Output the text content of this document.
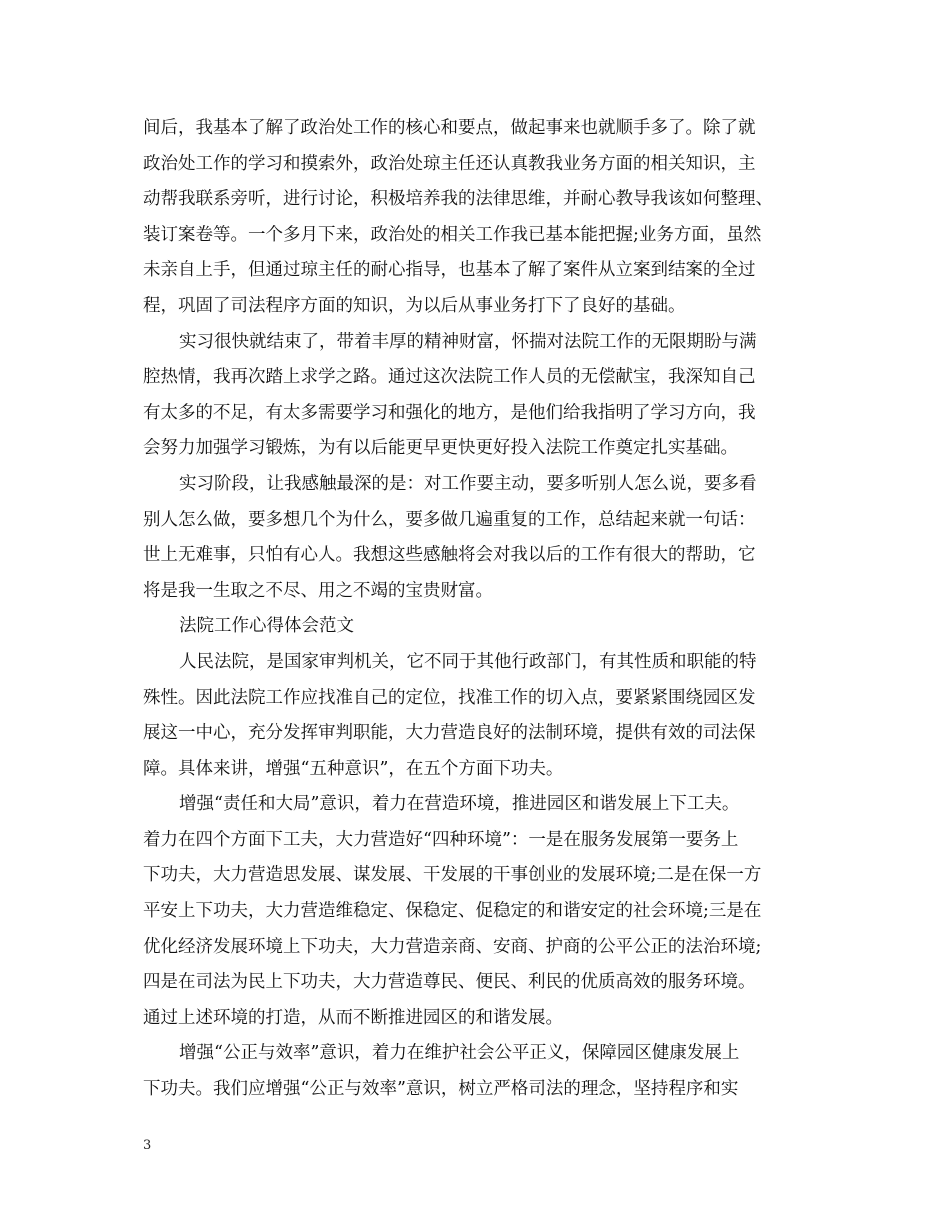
间后，我基本了解了政治处工作的核心和要点，做起事来也就顺手多了。除了就
政治处工作的学习和摸索外，政治处琼主任还认真教我业务方面的相关知识，主
动帮我联系旁听，进行讨论，积极培养我的法律思维，并耐心教导我该如何整理、
装订案卷等。一个多月下来，政治处的相关工作我已基本能把握;业务方面，虽然
未亲自上手，但通过琼主任的耐心指导，也基本了解了案件从立案到结案的全过
程，巩固了司法程序方面的知识，为以后从事业务打下了良好的基础。
实习很快就结束了，带着丰厚的精神财富，怀揣对法院工作的无限期盼与满
腔热情，我再次踏上求学之路。通过这次法院工作人员的无偿献宝，我深知自己
有太多的不足，有太多需要学习和强化的地方，是他们给我指明了学习方向，我
会努力加强学习锻炼，为有以后能更早更快更好投入法院工作奠定扎实基础。
实习阶段，让我感触最深的是：对工作要主动，要多听别人怎么说，要多看
别人怎么做，要多想几个为什么，要多做几遍重复的工作，总结起来就一句话：
世上无难事，只怕有心人。我想这些感触将会对我以后的工作有很大的帮助，它
将是我一生取之不尽、用之不竭的宝贵财富。
法院工作心得体会范文
人民法院，是国家审判机关，它不同于其他行政部门，有其性质和职能的特
殊性。因此法院工作应找准自己的定位，找准工作的切入点，要紧紧围绕园区发
展这一中心，充分发挥审判职能，大力营造良好的法制环境，提供有效的司法保
障。具体来讲，增强“五种意识”，在五个方面下功夫。
增强“责任和大局”意识，着力在营造环境，推进园区和谐发展上下工夫。
着力在四个方面下工夫，大力营造好“四种环境”：一是在服务发展第一要务上
下功夫，大力营造思发展、谋发展、干发展的干事创业的发展环境;二是在保一方
平安上下功夫，大力营造维稳定、保稳定、促稳定的和谐安定的社会环境;三是在
优化经济发展环境上下功夫，大力营造亲商、安商、护商的公平公正的法治环境;
四是在司法为民上下功夫，大力营造尊民、便民、利民的优质高效的服务环境。
通过上述环境的打造，从而不断推进园区的和谐发展。
增强“公正与效率”意识，着力在维护社会公平正义，保障园区健康发展上
下功夫。我们应增强“公正与效率”意识，树立严格司法的理念，坚持程序和实
3
